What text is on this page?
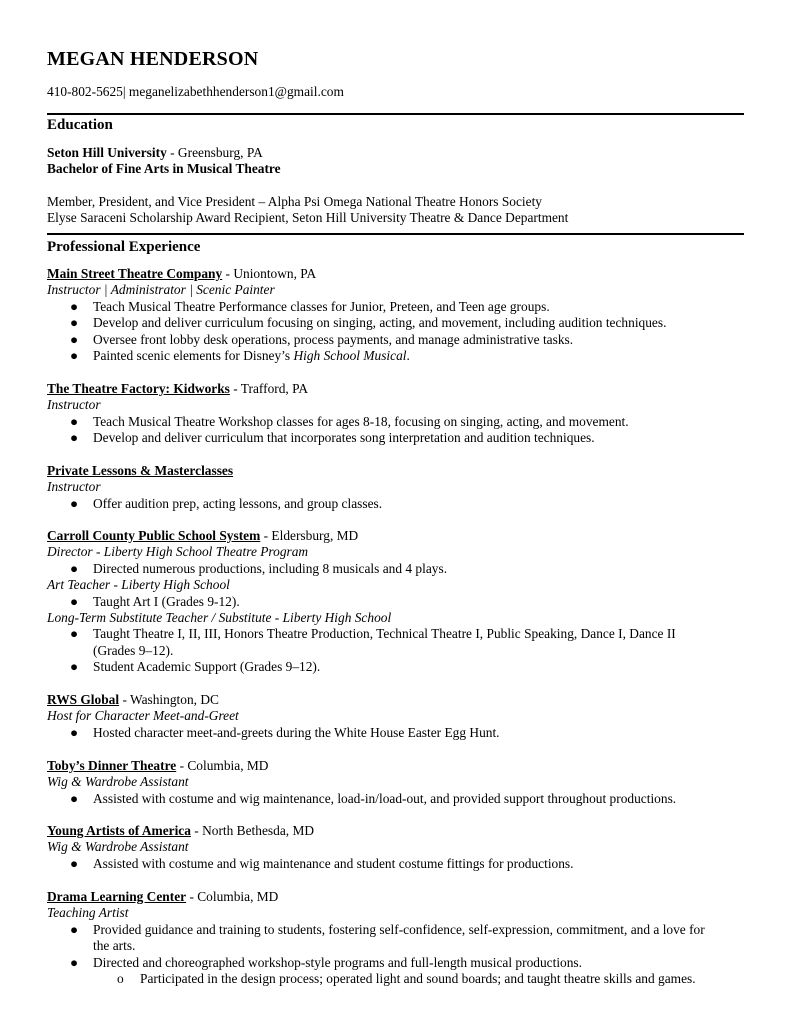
MEGAN HENDERSON
410-802-5625| meganelizabethhenderson1@gmail.com
Education
Seton Hill University - Greensburg, PA
Bachelor of Fine Arts in Musical Theatre
Member, President, and Vice President – Alpha Psi Omega National Theatre Honors Society
Elyse Saraceni Scholarship Award Recipient, Seton Hill University Theatre & Dance Department
Professional Experience
Main Street Theatre Company - Uniontown, PA
Instructor | Administrator | Scenic Painter
● Teach Musical Theatre Performance classes for Junior, Preteen, and Teen age groups.
● Develop and deliver curriculum focusing on singing, acting, and movement, including audition techniques.
● Oversee front lobby desk operations, process payments, and manage administrative tasks.
● Painted scenic elements for Disney’s High School Musical.
The Theatre Factory: Kidworks - Trafford, PA
Instructor
● Teach Musical Theatre Workshop classes for ages 8-18, focusing on singing, acting, and movement.
● Develop and deliver curriculum that incorporates song interpretation and audition techniques.
Private Lessons & Masterclasses
Instructor
● Offer audition prep, acting lessons, and group classes.
Carroll County Public School System - Eldersburg, MD
Director - Liberty High School Theatre Program
● Directed numerous productions, including 8 musicals and 4 plays.
Art Teacher - Liberty High School
● Taught Art I (Grades 9-12).
Long-Term Substitute Teacher / Substitute - Liberty High School
● Taught Theatre I, II, III, Honors Theatre Production, Technical Theatre I, Public Speaking, Dance I, Dance II
(Grades 9–12).
● Student Academic Support (Grades 9–12).
RWS Global - Washington, DC
Host for Character Meet-and-Greet
● Hosted character meet-and-greets during the White House Easter Egg Hunt.
Toby’s Dinner Theatre - Columbia, MD
Wig & Wardrobe Assistant
● Assisted with costume and wig maintenance, load-in/load-out, and provided support throughout productions.
Young Artists of America - North Bethesda, MD
Wig & Wardrobe Assistant
● Assisted with costume and wig maintenance and student costume fittings for productions.
Drama Learning Center - Columbia, MD
Teaching Artist
● Provided guidance and training to students, fostering self-confidence, self-expression, commitment, and a love for
the arts.
● Directed and choreographed workshop-style programs and full-length musical productions.
o Participated in the design process; operated light and sound boards; and taught theatre skills and games.
